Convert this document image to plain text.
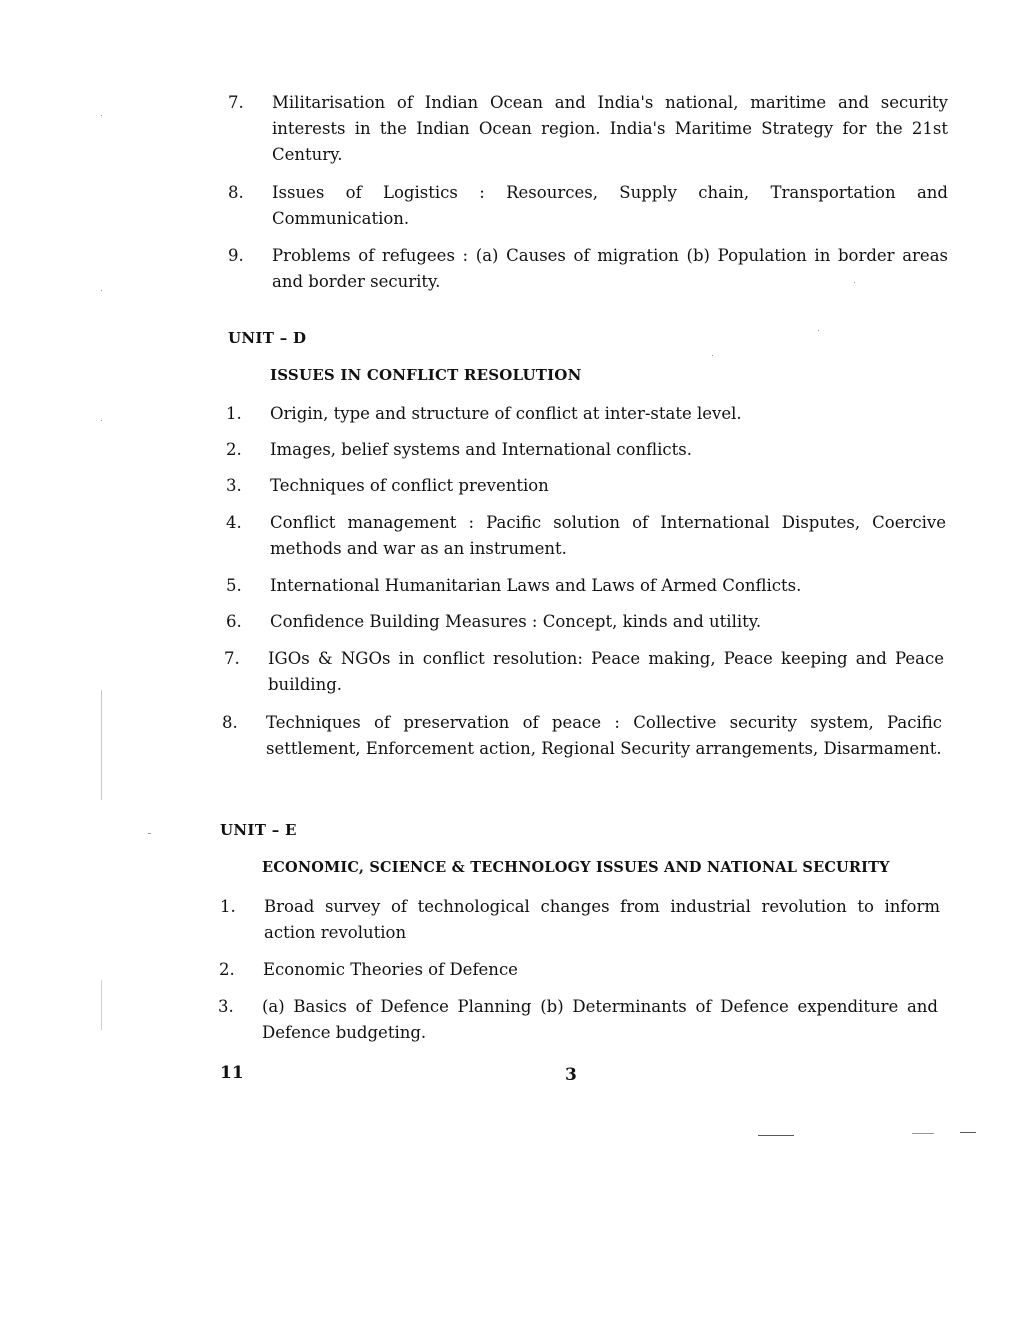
7.	Militarisation of Indian Ocean and India's national, maritime and security interests in the Indian Ocean region. India's Maritime Strategy for the 21st Century.
8.	Issues of Logistics : Resources, Supply chain, Transportation and Communication.
9.	Problems of refugees : (a) Causes of migration (b) Population in border areas and border security.
UNIT – D
ISSUES IN CONFLICT RESOLUTION
1.	Origin, type and structure of conflict at inter-state level.
2.	Images, belief systems and International conflicts.
3.	Techniques of conflict prevention
4.	Conflict management : Pacific solution of International Disputes, Coercive methods and war as an instrument.
5.	International Humanitarian Laws and Laws of Armed Conflicts.
6.	Confidence Building Measures : Concept, kinds and utility.
7.	IGOs & NGOs in conflict resolution: Peace making, Peace keeping and Peace building.
8.	Techniques of preservation of peace : Collective security system, Pacific settlement, Enforcement action, Regional Security arrangements, Disarmament.
UNIT – E
ECONOMIC, SCIENCE & TECHNOLOGY ISSUES AND NATIONAL SECURITY
1.	Broad survey of technological changes from industrial revolution to inform action revolution
2.	Economic Theories of Defence
3.	(a) Basics of Defence Planning (b) Determinants of Defence expenditure and Defence budgeting.
11	3
